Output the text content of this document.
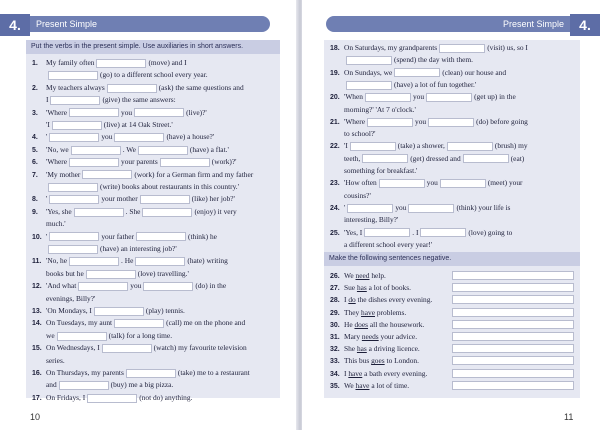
4.	Present Simple
Put the verbs in the present simple. Use auxiliaries in short answers.
1. My family often	(move) and I
(go) to a different school every year.
2. My teachers always	(ask) the same questions and
I	(give) the same answers:
3. 'Where	you	(live)?'
'I	(live) at 14 Oak Street.'
4. '	you	(have) a house?'
5. 'No, we	. We	(have) a flat.'
6. 'Where	your parents	(work)?'
7. 'My mother	(work) for a German firm and my father
(write) books about restaurants in this country.'
8. '	your mother	(like) her job?'
9. 'Yes, she	. She	(enjoy) it very
much.'
10. '	your father	(think) he
(have) an interesting job?'
11. 'No, he	. He	(hate) writing
books but he	(love) travelling.'
12. 'And what	you	(do) in the
evenings, Billy?'
13. 'On Mondays, I	(play) tennis.
14. On Tuesdays, my aunt	(call) me on the phone and
we	(talk) for a long time.
15. On Wednesdays, I	(watch) my favourite television
series.
16. On Thursdays, my parents	(take) me to a restaurant
and	(buy) me a big pizza.
17. On Fridays, I	(not do) anything.
10
Present Simple	4.
18. On Saturdays, my grandparents	(visit) us, so I
(spend) the day with them.
19. On Sundays, we	(clean) our house and
(have) a lot of fun together.'
20. 'When	you	(get up) in the
morning?' 'At 7 o'clock.'
21. 'Where	you	(do) before going
to school?'
22. 'I	(take) a shower,	(brush) my
teeth,	(get) dressed and	(eat)
something for breakfast.'
23. 'How often	you	(meet) your
cousins?'
24. '	you	(think) your life is
interesting, Billy?'
25. 'Yes, I	. I	(love) going to
a different school every year!'
Make the following sentences negative.
26. We need help.
27. Sue has a lot of books.
28. I do the dishes every evening.
29. They have problems.
30. He does all the housework.
31. Mary needs your advice.
32. She has a driving licence.
33. This bus goes to London.
34. I have a bath every evening.
35. We have a lot of time.
11
